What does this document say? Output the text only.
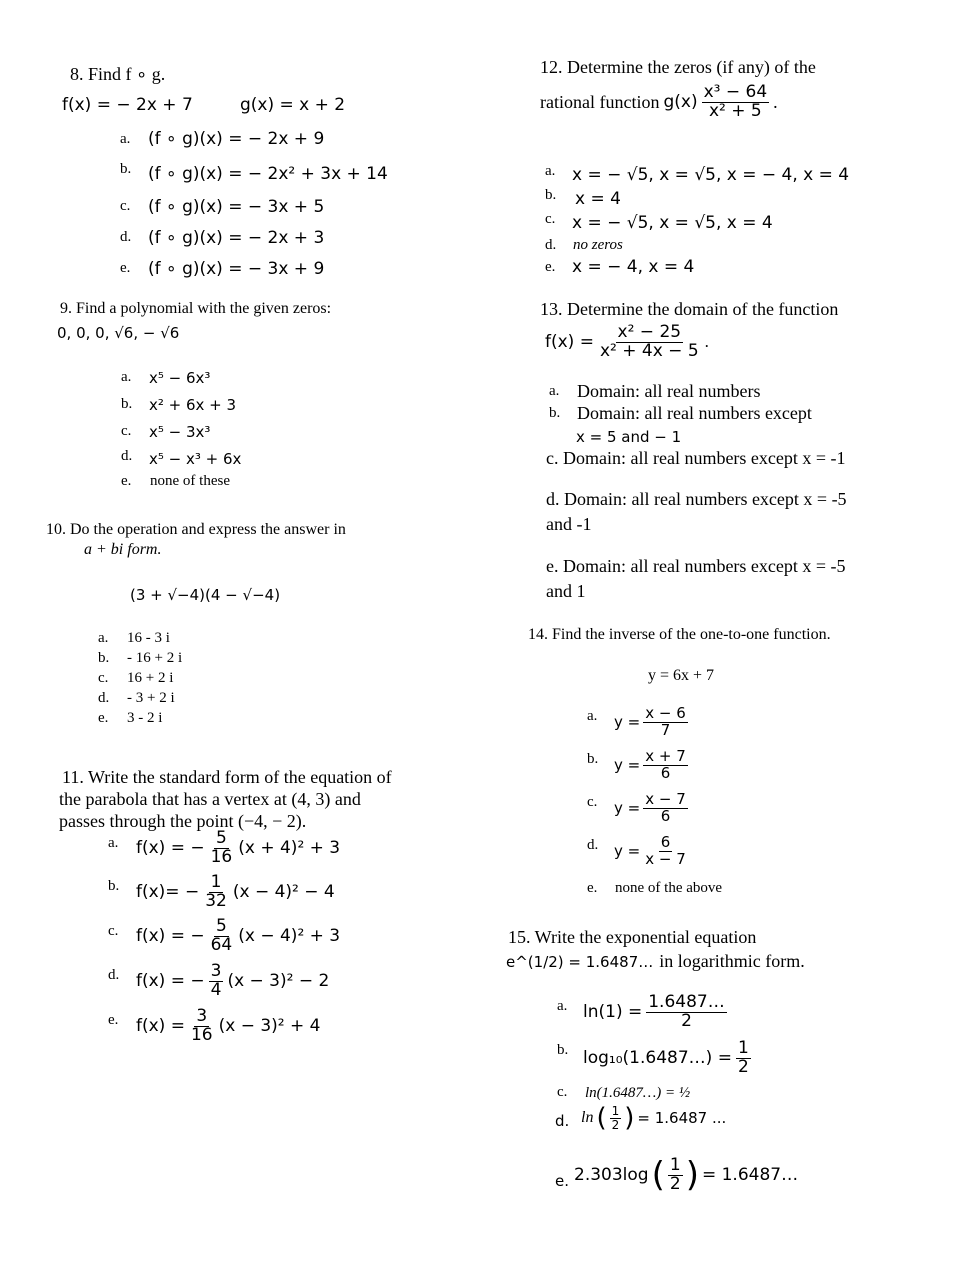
8. Find f ∘ g.
f(x) = − 2x + 7	g(x) = x + 2
a. (f ∘ g)(x) = − 2x + 9
b. (f ∘ g)(x) = − 2x² + 3x + 14
c. (f ∘ g)(x) = − 3x + 5
d. (f ∘ g)(x) = − 2x + 3
e. (f ∘ g)(x) = − 3x + 9
9. Find a polynomial with the given zeros:
0, 0, 0, √6, − √6
a. x⁵ − 6x³
b. x² + 6x + 3
c. x⁵ − 3x³
d. x⁵ − x³ + 6x
e. none of these
10. Do the operation and express the answer in
a + bi form.
(3 + √−4)(4 − √−4)
a. 16 - 3 i
b. - 16 + 2 i
c. 16 + 2 i
d. - 3 + 2 i
e. 3 - 2 i
11. Write the standard form of the equation of
the parabola that has a vertex at (4, 3) and
passes through the point (−4, − 2).
a. f(x) = − $\frac{5}{16} (x + 4)^2 + 3$
b. $f(x)= - \frac{1}{32} (x - 4)^2 - 4$
c. f(x) = − $\frac{5}{64} (x - 4)^2 + 3$
d. f(x) = − $\frac{3}{4} (x - 3)^2 - 2$
e. $f(x) = \frac{3}{16} (x - 3)^2 + 4$
12. Determine the zeros (if any) of the
rational function $g(x) \frac{\text{x³ − 64}}{\text{x² + 5}}$ .
a. x = − √5, x = √5, x = − 4, x = 4
b. x = 4
c. x = − √5, x = √5, x = 4
d. no zeros
e. x = − 4, x = 4
13. Determine the domain of the function
$f(x) = \frac{\text{x² − 25}}{\text{x² + 4x − 5}}$ .
a. Domain: all real numbers
b. Domain: all real numbers except
x = 5 and − 1
c. Domain: all real numbers except x = -1
d. Domain: all real numbers except x = -5
and -1
e. Domain: all real numbers except x = -5
and 1
14. Find the inverse of the one-to-one function.
y = 6x + 7
a. $y = \frac{x - 6}{7}$
b. $y = \frac{x + 7}{6}$
c. $y = \frac{x - 7}{6}$
d. $y = \frac{6}{x - 7}$
e. none of the above
15. Write the exponential equation
e^(1/2) = 1.6487… in logarithmic form.
a. $\ln(1) = \frac{1.6487\dots}{2}$
b. log₁₀(1.6487…) = $\frac{1}{2}$
c. ln(1.6487…) = ½
d. ln ( $\frac{1}{2}$ ) = 1.6487 ...
e. 2.303log ( $\frac{1}{2}$ ) = 1.6487…
